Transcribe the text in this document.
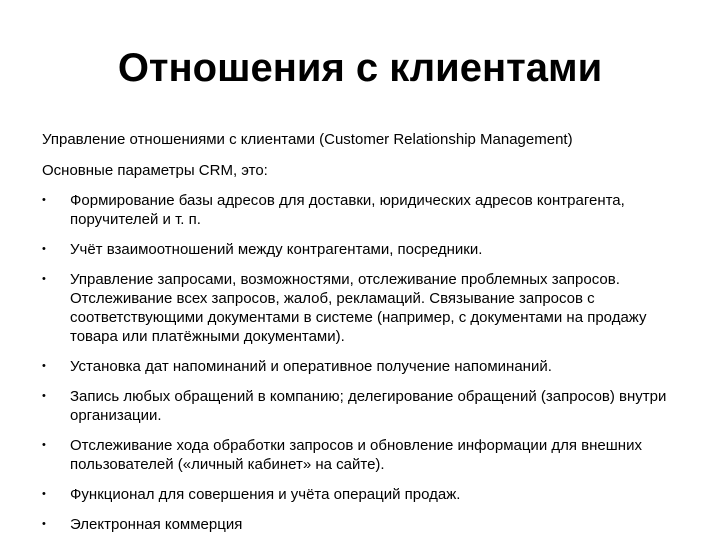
Отношения с клиентами

Управление отношениями с клиентами (Customer Relationship Management)

Основные параметры CRM, это:

• Формирование базы адресов для доставки, юридических адресов контрагента, поручителей и т. п.
• Учёт взаимоотношений между контрагентами, посредники.
• Управление запросами, возможностями, отслеживание проблемных запросов. Отслеживание всех запросов, жалоб, рекламаций. Связывание запросов с соответствующими документами в системе (например, с документами на продажу товара или платёжными документами).
• Установка дат напоминаний и оперативное получение напоминаний.
• Запись любых обращений в компанию; делегирование обращений (запросов) внутри организации.
• Отслеживание хода обработки запросов и обновление информации для внешних пользователей («личный кабинет» на сайте).
• Функционал для совершения и учёта операций продаж.
• Электронная коммерция
